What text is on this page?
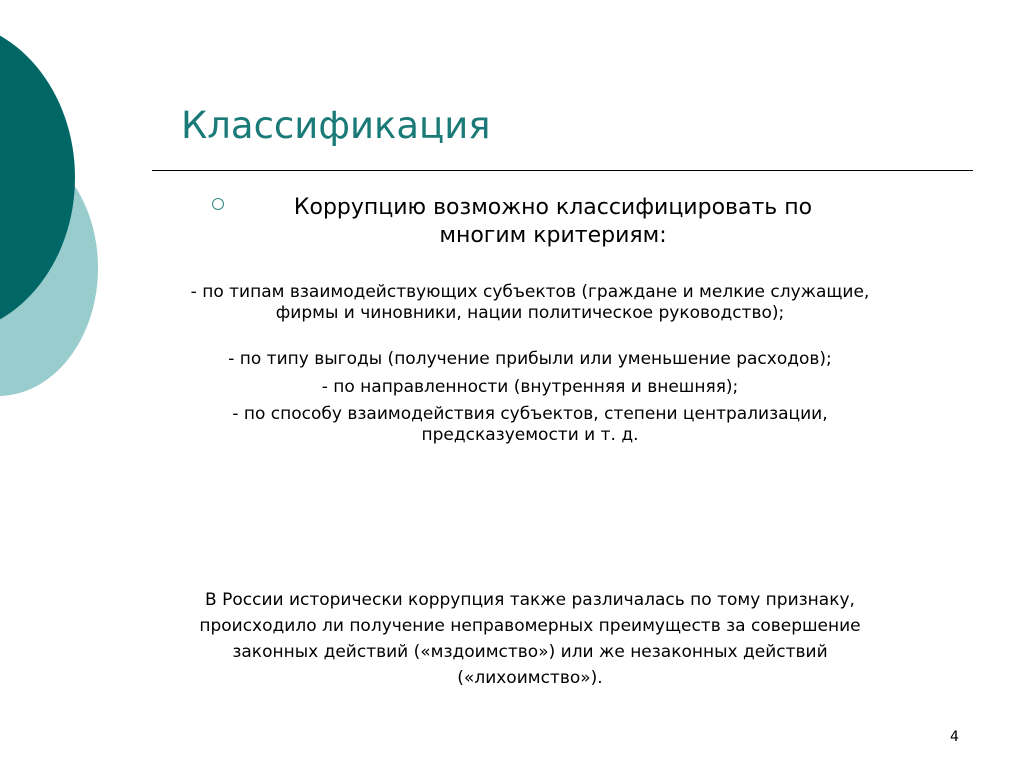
Классификация
Коррупцию возможно классифицировать по многим критериям:
- по типам взаимодействующих субъектов (граждане и мелкие служащие, фирмы и чиновники, нации политическое руководство);
- по типу выгоды (получение прибыли или уменьшение расходов);
- по направленности (внутренняя и внешняя);
- по способу взаимодействия субъектов, степени централизации, предсказуемости и т. д.
В России исторически коррупция также различалась по тому признаку, происходило ли получение неправомерных преимуществ за совершение законных действий («мздоимство») или же незаконных действий («лихоимство»).
4
